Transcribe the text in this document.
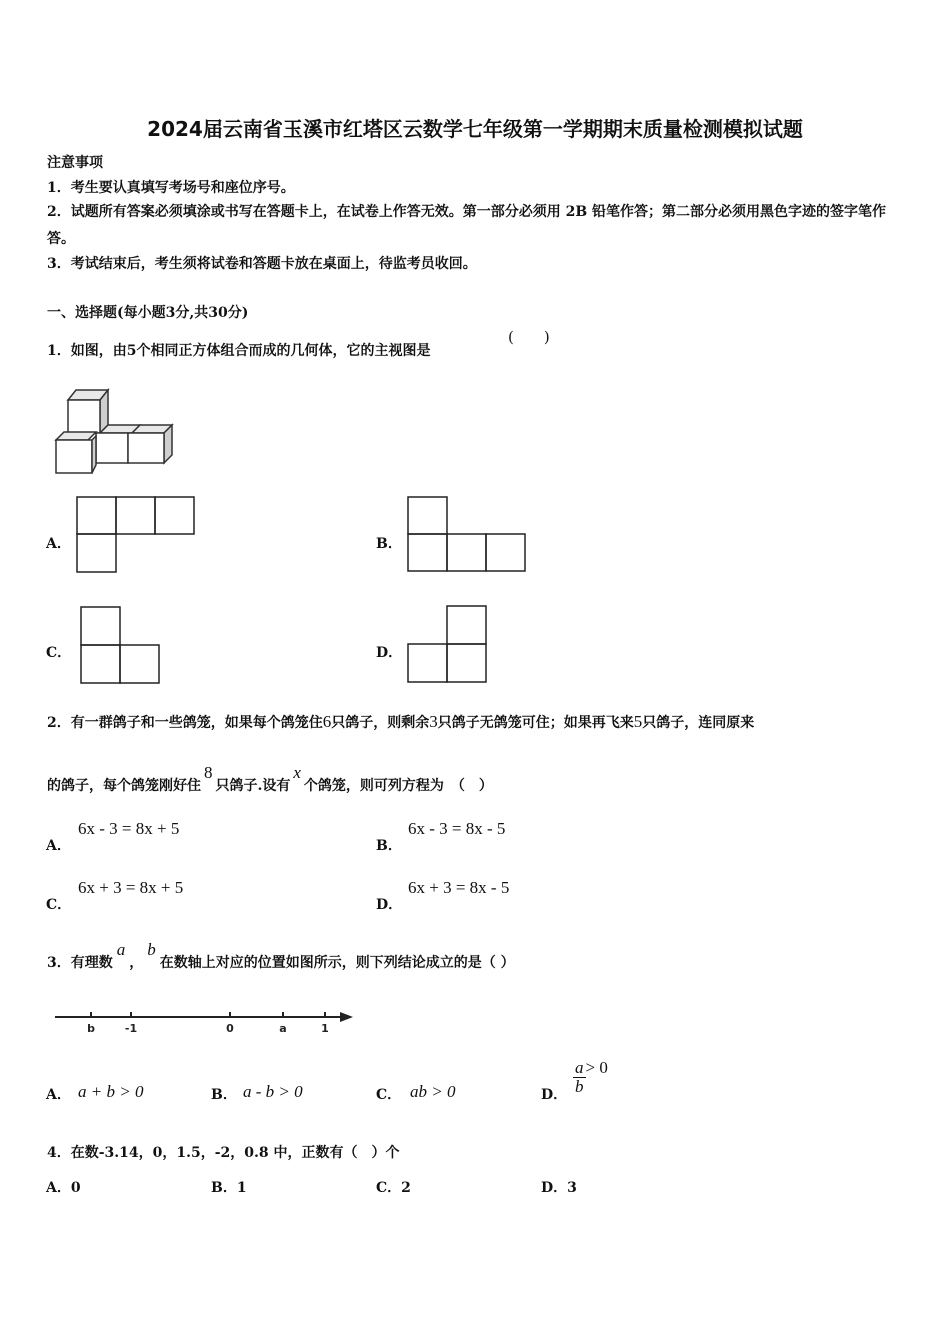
2024届云南省玉溪市红塔区云数学七年级第一学期期末质量检测模拟试题
注意事项
1．考生要认真填写考场号和座位序号。
2．试题所有答案必须填涂或书写在答题卡上，在试卷上作答无效。第一部分必须用 2B 铅笔作答；第二部分必须用黑色字迹的签字笔作答。
3．考试结束后，考生须将试卷和答题卡放在桌面上，待监考员收回。
一、选择题(每小题3分,共30分)
1．如图，由5个相同正方体组合而成的几何体，它的主视图是
(　　)
A．	B．
C．	D．
2．有一群鸽子和一些鸽笼，如果每个鸽笼住6只鸽子，则剩余3只鸽子无鸽笼可住；如果再飞来5只鸽子，连同原来
的鸽子，每个鸽笼刚好住8只鸽子.设有x个鸽笼，则可列方程为　（　）
A．
6x - 3 = 8x + 5
B．
6x - 3 = 8x - 5
C．
6x + 3 = 8x + 5
D．
6x + 3 = 8x - 5
3．有理数a，b在数轴上对应的位置如图所示，则下列结论成立的是（ ）
b	-1	0	a	1
A． a + b > 0	B． a - b > 0	C． ab > 0	D． $\frac{a}{b} > 0$
4．在数-3.14，0，1.5，-2，0.8 中，正数有（　）个
A．0	B．1	C．2	D．3
